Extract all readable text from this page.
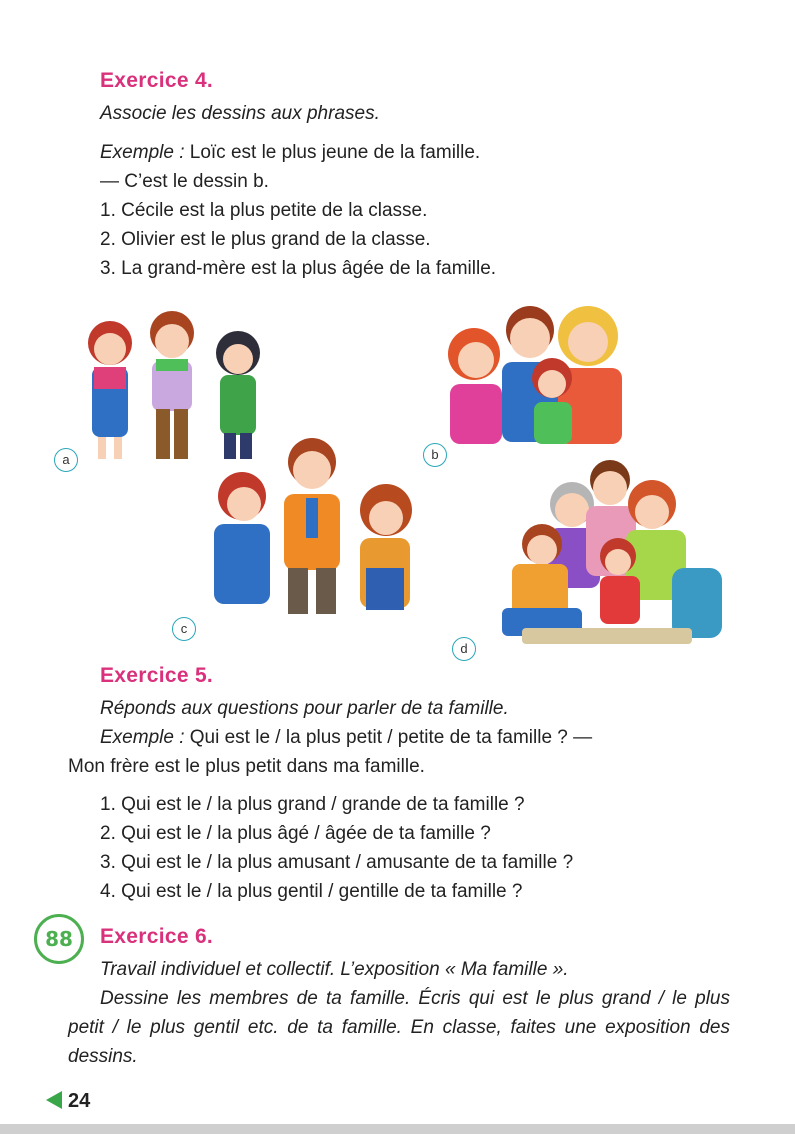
Exercice 4.
Associe les dessins aux phrases.
Exemple : Loïc est le plus jeune de la famille.
— C’est le dessin b.
1. Cécile est la plus petite de la classe.
2. Olivier est le plus grand de la classe.
3. La grand-mère est la plus âgée de la famille.
a	b
c
d
Exercice 5.
Réponds aux questions pour parler de ta famille.
Exemple : Qui est le / la plus petit / petite de ta famille ? —
Mon frère est le plus petit dans ma famille.
1. Qui est le / la plus grand / grande de ta famille ?
2. Qui est le / la plus âgé / âgée de ta famille ?
3. Qui est le / la plus amusant / amusante de ta famille ?
4. Qui est le / la plus gentil / gentille de ta famille ?
88 Exercice 6.
Travail individuel et collectif. L’exposition « Ma famille ».
Dessine les membres de ta famille. Écris qui est le plus grand / le plus petit / le plus gentil etc. de ta famille. En classe, faites une exposition des dessins.
24
